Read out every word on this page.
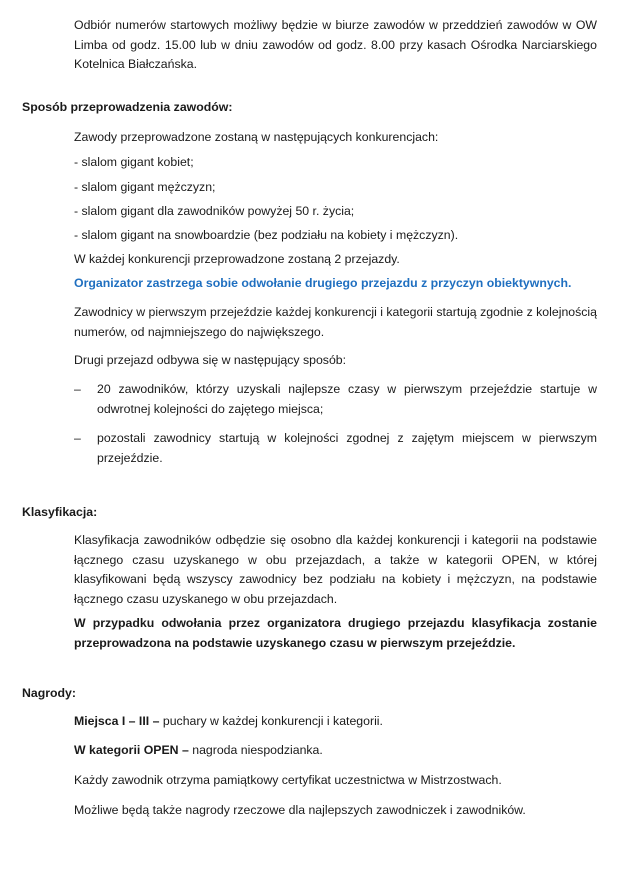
Odbiór numerów startowych możliwy będzie w biurze zawodów w przeddzień zawodów w OW Limba od godz. 15.00 lub w dniu zawodów od godz. 8.00 przy kasach Ośrodka Narciarskiego Kotelnica Białczańska.

Sposób przeprowadzenia zawodów:

Zawody przeprowadzone zostaną w następujących konkurencjach:

- slalom gigant kobiet;

- slalom gigant mężczyzn;

- slalom gigant dla zawodników powyżej 50 r. życia;

- slalom gigant na snowboardzie (bez podziału na kobiety i mężczyzn).

W każdej konkurencji przeprowadzone zostaną 2 przejazdy.

Organizator zastrzega sobie odwołanie drugiego przejazdu z przyczyn obiektywnych.

Zawodnicy w pierwszym przejeździe każdej konkurencji i kategorii startują zgodnie z kolejnością numerów, od najmniejszego do największego.

Drugi przejazd odbywa się w następujący sposób:

– 20 zawodników, którzy uzyskali najlepsze czasy w pierwszym przejeździe startuje w odwrotnej kolejności do zajętego miejsca;

– pozostali zawodnicy startują w kolejności zgodnej z zajętym miejscem w pierwszym przejeździe.

Klasyfikacja:

Klasyfikacja zawodników odbędzie się osobno dla każdej konkurencji i kategorii na podstawie łącznego czasu uzyskanego w obu przejazdach, a także w kategorii OPEN, w której klasyfikowani będą wszyscy zawodnicy bez podziału na kobiety i mężczyzn, na podstawie łącznego czasu uzyskanego w obu przejazdach.

W przypadku odwołania przez organizatora drugiego przejazdu klasyfikacja zostanie przeprowadzona na podstawie uzyskanego czasu w pierwszym przejeździe.

Nagrody:

Miejsca I – III – puchary w każdej konkurencji i kategorii.

W kategorii OPEN – nagroda niespodzianka.

Każdy zawodnik otrzyma pamiątkowy certyfikat uczestnictwa w Mistrzostwach.

Możliwe będą także nagrody rzeczowe dla najlepszych zawodniczek i zawodników.
